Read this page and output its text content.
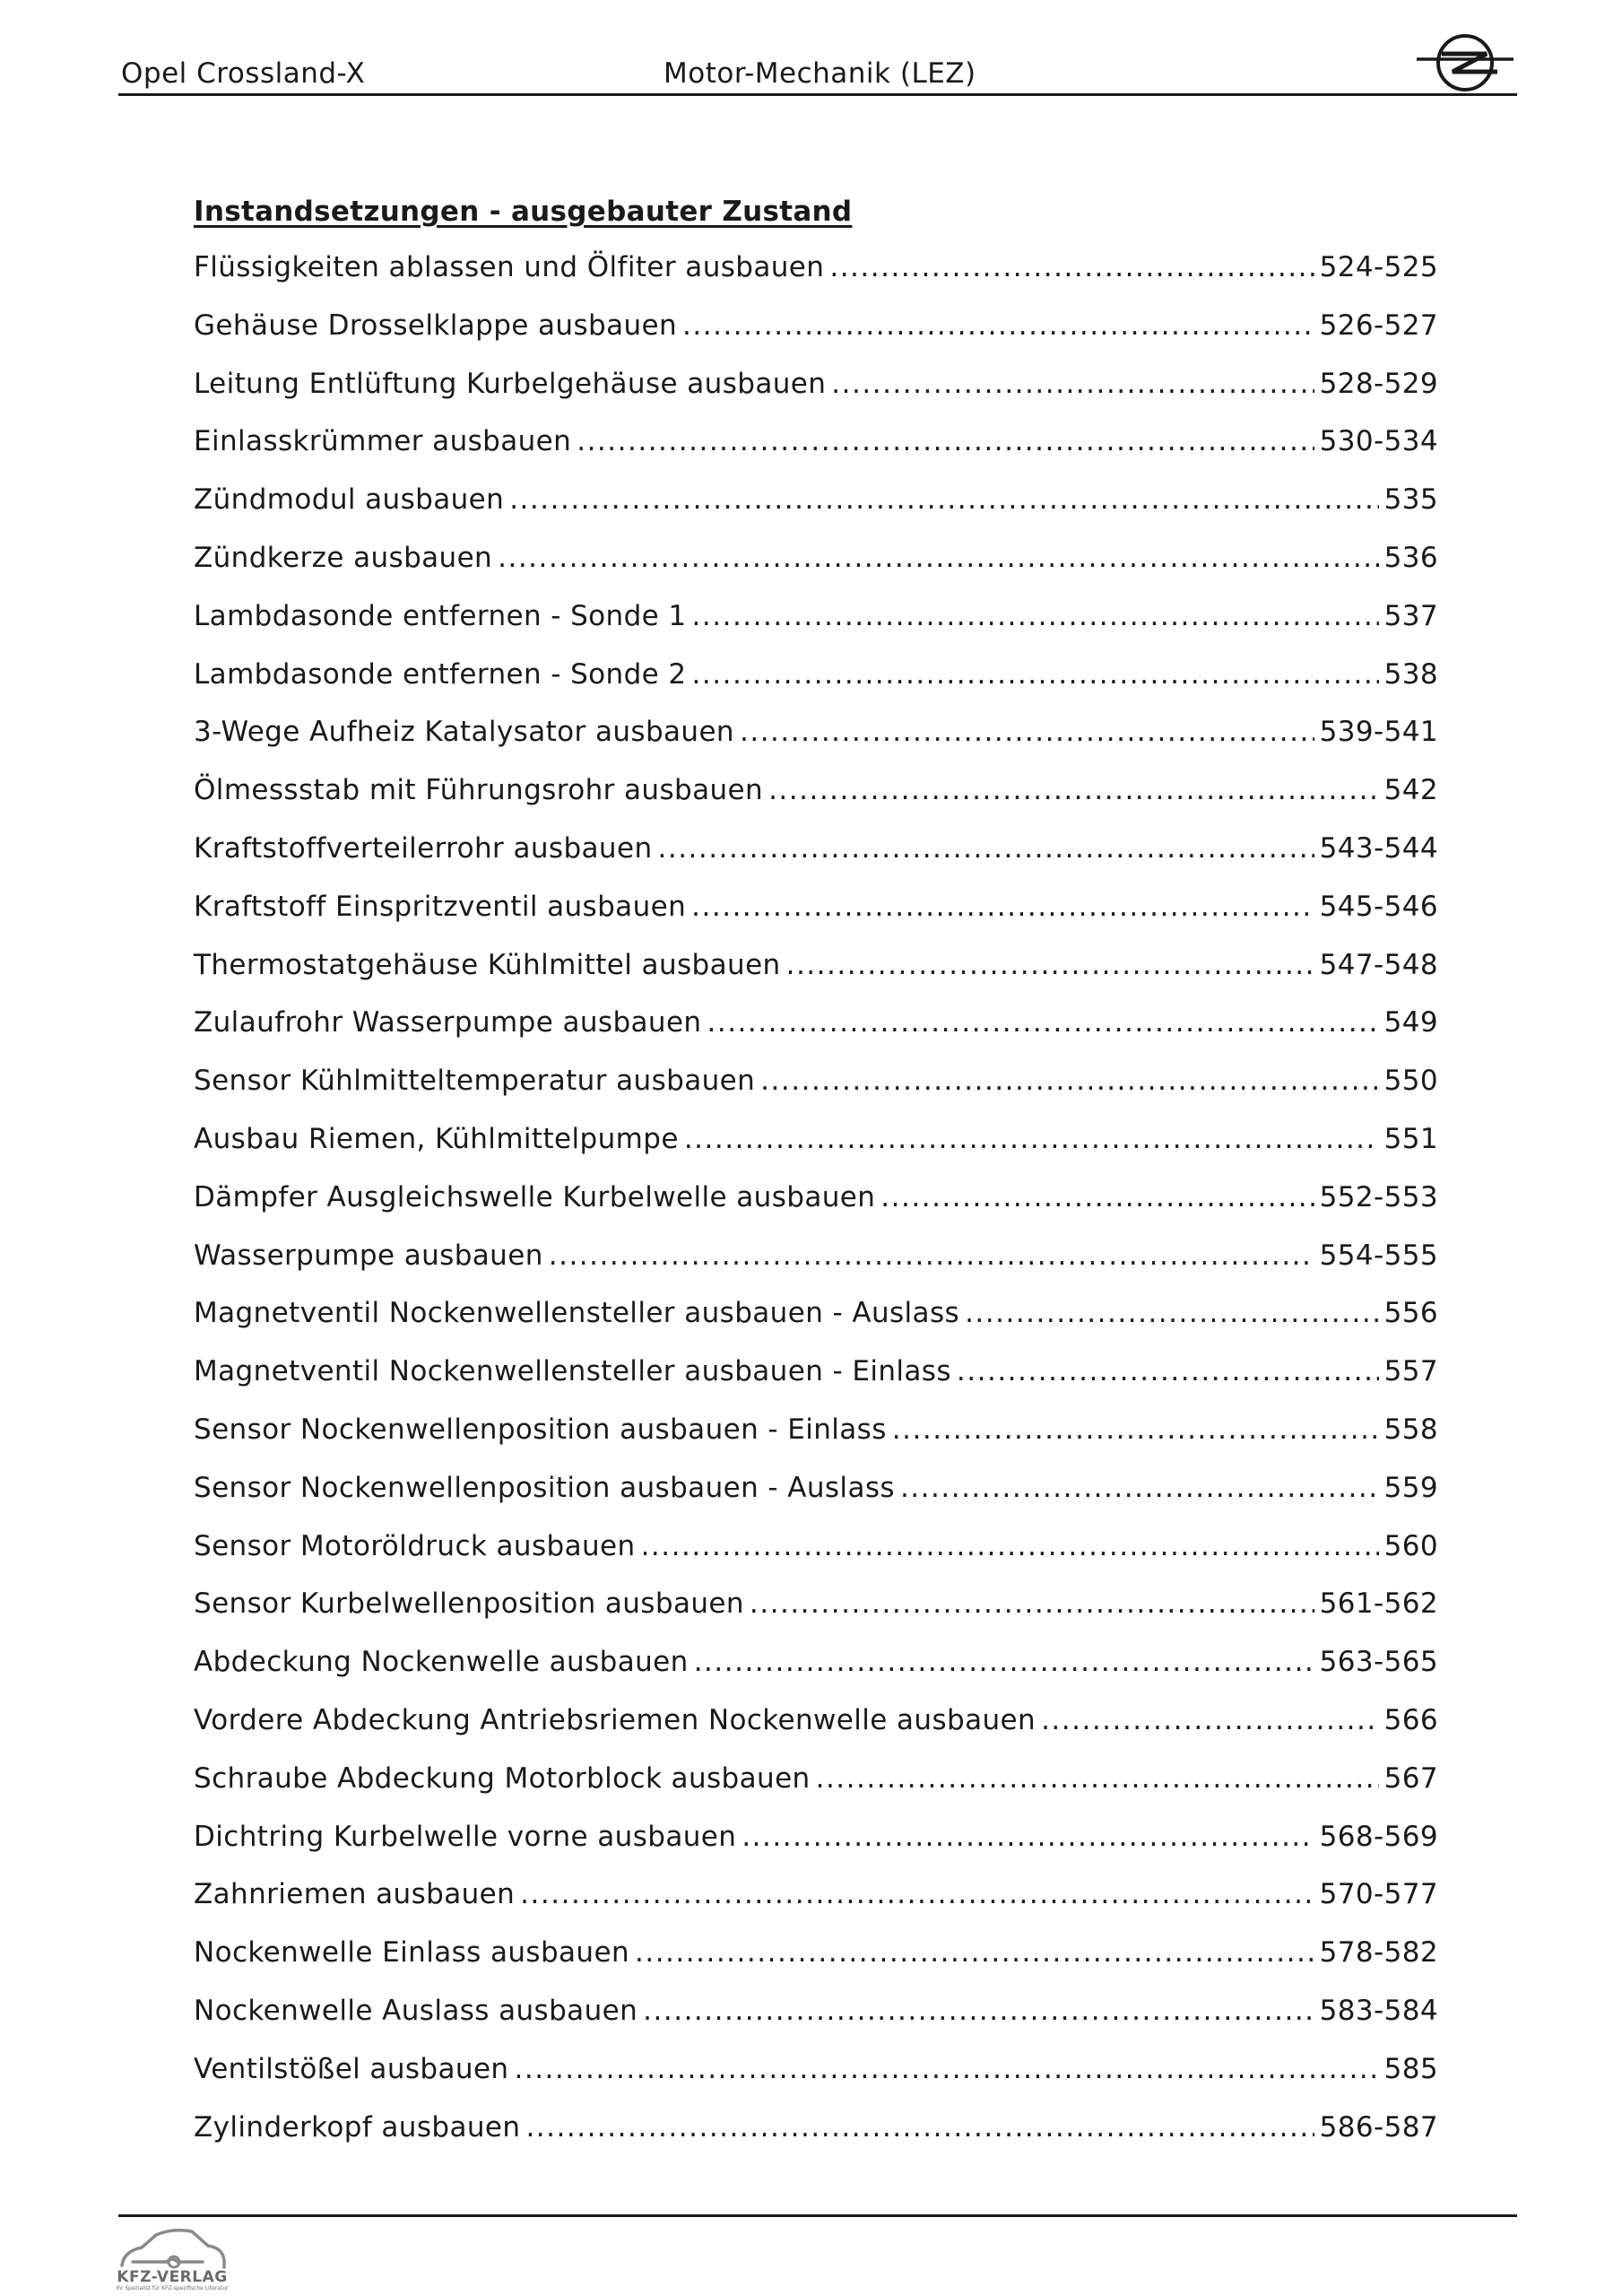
Opel Crossland-X	Motor-Mechanik (LEZ)
Instandsetzungen - ausgebauter Zustand
Flüssigkeiten ablassen und Ölfiter ausbauen .....	524-525
Gehäuse Drosselklappe ausbauen .....	526-527
Leitung Entlüftung Kurbelgehäuse ausbauen .....	528-529
Einlasskrümmer ausbauen .....	530-534
Zündmodul ausbauen .....	535
Zündkerze ausbauen .....	536
Lambdasonde entfernen - Sonde 1 .....	537
Lambdasonde entfernen - Sonde 2 .....	538
3-Wege Aufheiz Katalysator ausbauen .....	539-541
Ölmessstab mit Führungsrohr ausbauen .....	542
Kraftstoffverteilerrohr ausbauen .....	543-544
Kraftstoff Einspritzventil ausbauen .....	545-546
Thermostatgehäuse Kühlmittel ausbauen .....	547-548
Zulaufrohr Wasserpumpe ausbauen .....	549
Sensor Kühlmitteltemperatur ausbauen .....	550
Ausbau Riemen, Kühlmittelpumpe .....	551
Dämpfer Ausgleichswelle Kurbelwelle ausbauen .....	552-553
Wasserpumpe ausbauen .....	554-555
Magnetventil Nockenwellensteller ausbauen - Auslass .....	556
Magnetventil Nockenwellensteller ausbauen - Einlass .....	557
Sensor Nockenwellenposition ausbauen - Einlass .....	558
Sensor Nockenwellenposition ausbauen - Auslass .....	559
Sensor Motoröldruck ausbauen .....	560
Sensor Kurbelwellenposition ausbauen .....	561-562
Abdeckung Nockenwelle ausbauen .....	563-565
Vordere Abdeckung Antriebsriemen Nockenwelle ausbauen .....	566
Schraube Abdeckung Motorblock ausbauen .....	567
Dichtring Kurbelwelle vorne ausbauen .....	568-569
Zahnriemen ausbauen .....	570-577
Nockenwelle Einlass ausbauen .....	578-582
Nockenwelle Auslass ausbauen .....	583-584
Ventilstößel ausbauen .....	585
Zylinderkopf ausbauen .....	586-587
KFZ-VERLAG
Ihr Spezialist für KFZ-spezifische Literatur
